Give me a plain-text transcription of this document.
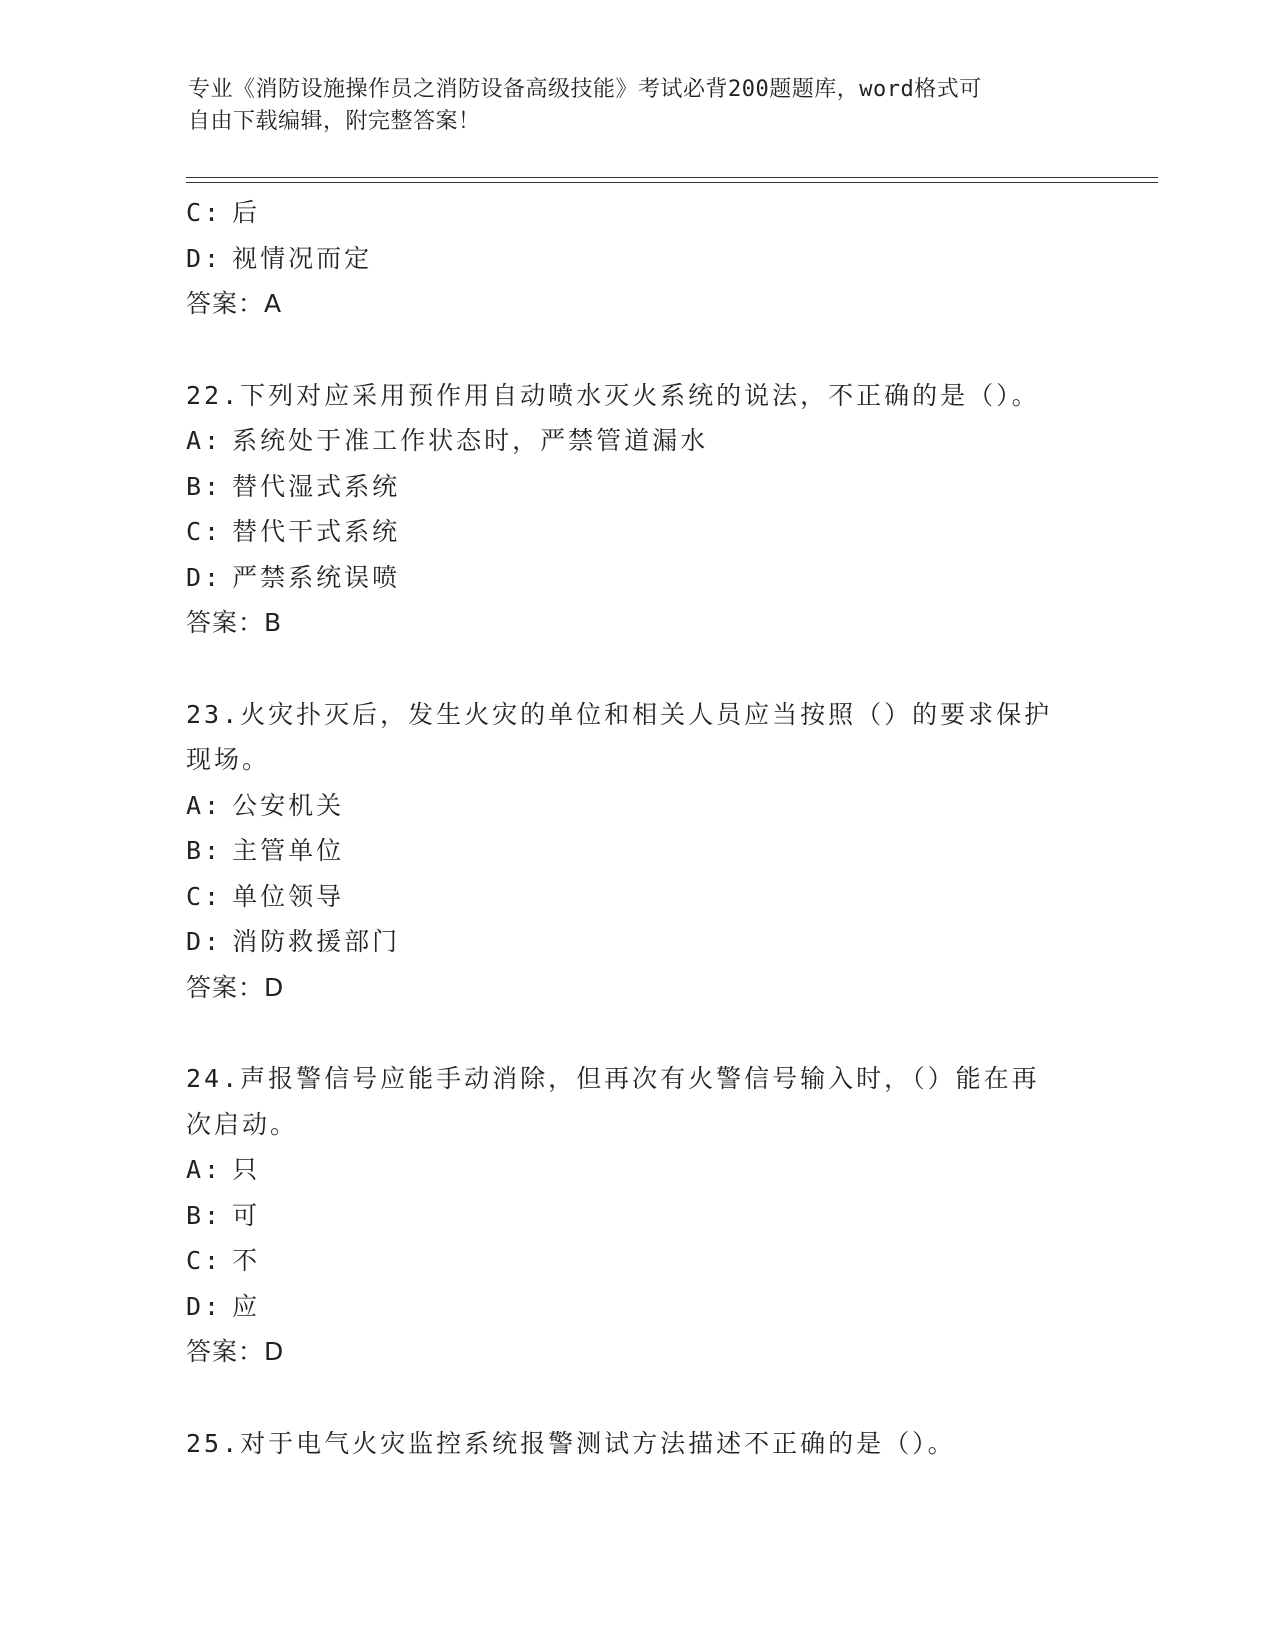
专业《消防设施操作员之消防设备高级技能》考试必背200题题库，word格式可
自由下载编辑，附完整答案！
C: 后
D: 视情况而定
答案：A
22.下列对应采用预作用自动喷水灭火系统的说法，不正确的是（）。
A: 系统处于准工作状态时，严禁管道漏水
B: 替代湿式系统
C: 替代干式系统
D: 严禁系统误喷
答案：B
23.火灾扑灭后，发生火灾的单位和相关人员应当按照（）的要求保护现场。
A: 公安机关
B: 主管单位
C: 单位领导
D: 消防救援部门
答案：D
24.声报警信号应能手动消除，但再次有火警信号输入时，（）能在再次启动。
A: 只
B: 可
C: 不
D: 应
答案：D
25.对于电气火灾监控系统报警测试方法描述不正确的是（）。
